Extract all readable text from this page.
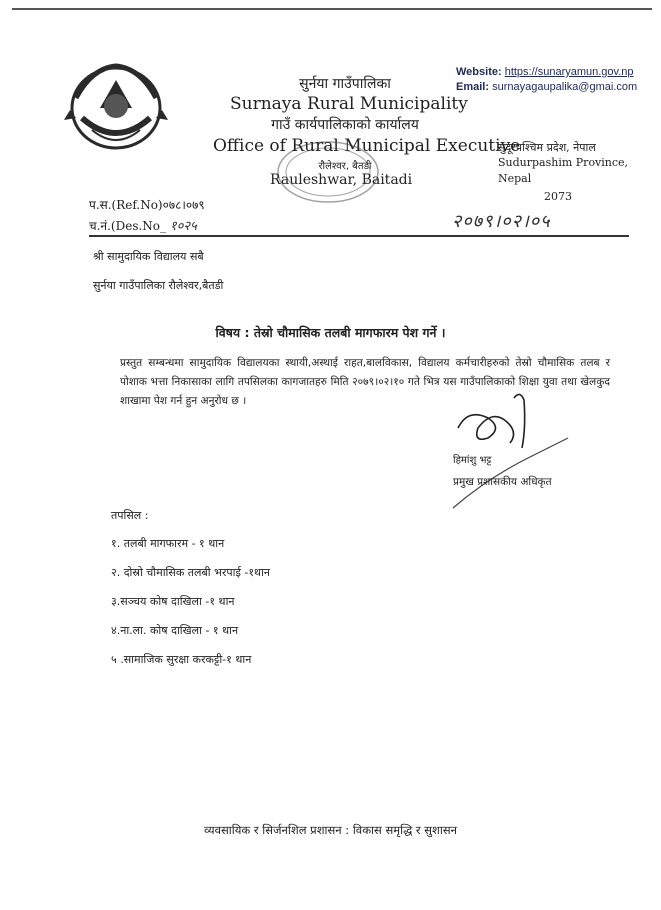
सुर्नया गाउँपालिका
Surnaya Rural Municipality
गाउँ कार्यपालिकाको कार्यालय
Office of Rural Municipal Executive
रौलेश्वर, बैतडी
Rauleshwar, Baitadi
Website: https://sunaryamun.gov.np
Email: surnayagaupalika@gmai.com
सुदूरपश्चिम प्रदेश, नेपाल
Sudurpashim Province,
Nepal
2073
प.स.(Ref.No)०७८।०७९
च.नं.(Des.No_ १०२५	२०७९।०२।०५
श्री सामुदायिक विद्यालय सबै
सुर्नया गाउँपालिका रौलेश्वर,बैतडी
विषय : तेस्रो चौमासिक तलबी मागफारम पेश गर्ने ।
प्रस्तुत सम्बन्धमा सामुदायिक विद्यालयका स्थायी,अस्थाई राहत,बालविकास, विद्यालय कर्मचारीहरुको तेस्रो चौमासिक तलब र पोशाक भत्ता निकासाका लागि तपसिलका कागजातहरु मिति २०७९।०२।१० गते भित्र यस गाउँपालिकाको शिक्षा युवा तथा खेलकुद शाखामा पेश गर्न हुन अनुरोध छ ।
हिमांशु भट्ट
प्रमुख प्रशासकीय अधिकृत
तपसिल :
१. तलबी मागफारम - १ थान
२. दोस्रो चौमासिक तलबी भरपाई -१थान
३.सञ्चय कोष दाखिला -१ थान
४.ना.ला. कोष दाखिला - १ थान
५ .सामाजिक सुरक्षा करकट्टी-१ थान
व्यवसायिक र सिर्जनशिल प्रशासन : विकास समृद्धि र सुशासन
